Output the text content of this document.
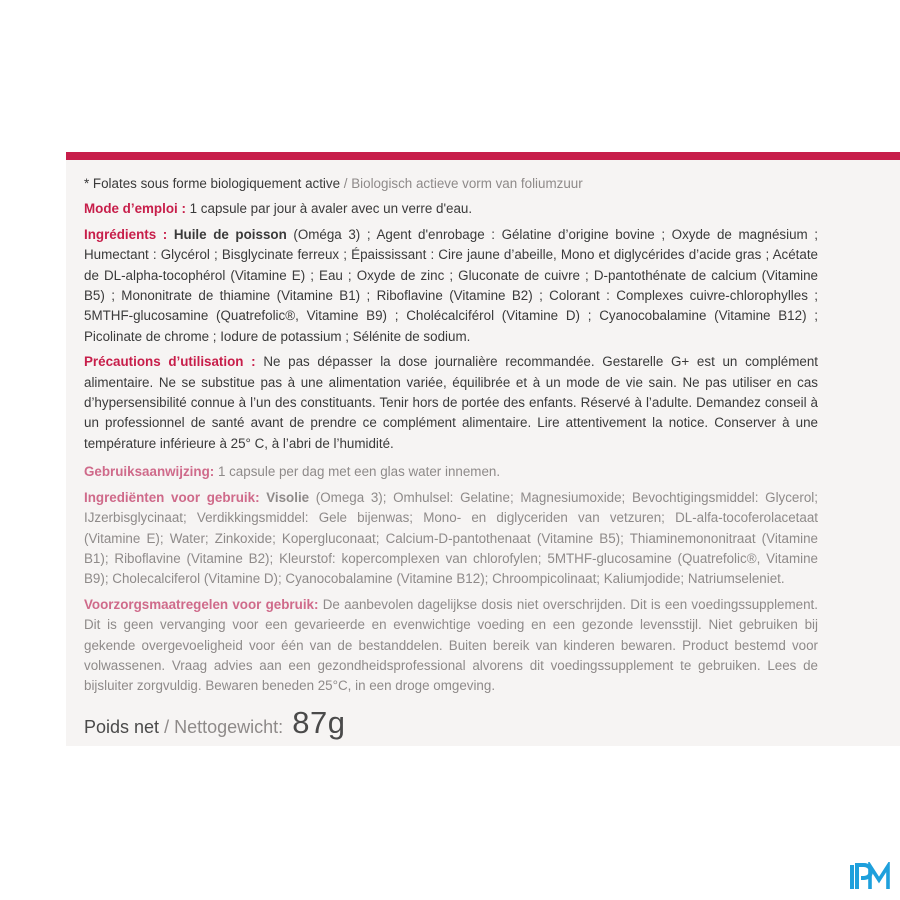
* Folates sous forme biologiquement active / Biologisch actieve vorm van foliumzuur

Mode d’emploi : 1 capsule par jour à avaler avec un verre d'eau.

Ingrédients : Huile de poisson (Oméga 3) ; Agent d'enrobage : Gélatine d’origine bovine ; Oxyde de magnésium ; Humectant : Glycérol ; Bisglycinate ferreux ; Épaississant : Cire jaune d’abeille, Mono et diglycérides d’acide gras ; Acétate de DL-alpha-tocophérol (Vitamine E) ; Eau ; Oxyde de zinc ; Gluconate de cuivre ; D-pantothénate de calcium (Vitamine B5) ; Mononitrate de thiamine (Vitamine B1) ; Riboflavine (Vitamine B2) ; Colorant : Complexes cuivre-chlorophylles ; 5MTHF-glucosamine (Quatrefolic®, Vitamine B9) ; Cholécalciférol (Vitamine D) ; Cyanocobalamine (Vitamine B12) ; Picolinate de chrome ; Iodure de potassium ; Sélénite de sodium.

Précautions d’utilisation : Ne pas dépasser la dose journalière recommandée. Gestarelle G+ est un complément alimentaire. Ne se substitue pas à une alimentation variée, équilibrée et à un mode de vie sain. Ne pas utiliser en cas d’hypersensibilité connue à l’un des constituants. Tenir hors de portée des enfants. Réservé à l’adulte. Demandez conseil à un professionnel de santé avant de prendre ce complément alimentaire. Lire attentivement la notice. Conserver à une température inférieure à 25° C, à l’abri de l’humidité.

Gebruiksaanwijzing: 1 capsule per dag met een glas water innemen.

Ingrediënten voor gebruik: Visolie (Omega 3); Omhulsel: Gelatine; Magnesiumoxide; Bevochtigingsmiddel: Glycerol; IJzerbisglycinaat; Verdikkingsmiddel: Gele bijenwas; Mono- en diglyceriden van vetzuren; DL-alfa-tocoferolacetaat (Vitamine E); Water; Zinkoxide; Kopergluconaat; Calcium-D-pantothenaat (Vitamine B5); Thiaminemononitraat (Vitamine B1); Riboflavine (Vitamine B2); Kleurstof: kopercomplexen van chlorofylen; 5MTHF-glucosamine (Quatrefolic®, Vitamine B9); Cholecalciferol (Vitamine D); Cyanocobalamine (Vitamine B12); Chroompicolinaat; Kaliumjodide; Natriumseleniet.

Voorzorgsmaatregelen voor gebruik: De aanbevolen dagelijkse dosis niet overschrijden. Dit is een voedingssupplement. Dit is geen vervanging voor een gevarieerde en evenwichtige voeding en een gezonde levensstijl. Niet gebruiken bij gekende overgevoeligheid voor één van de bestanddelen. Buiten bereik van kinderen bewaren. Product bestemd voor volwassenen. Vraag advies aan een gezondheidsprofessional alvorens dit voedingssupplement te gebruiken. Lees de bijsluiter zorgvuldig. Bewaren beneden 25°C, in een droge omgeving.

Poids net / Nettogewicht: 87g
